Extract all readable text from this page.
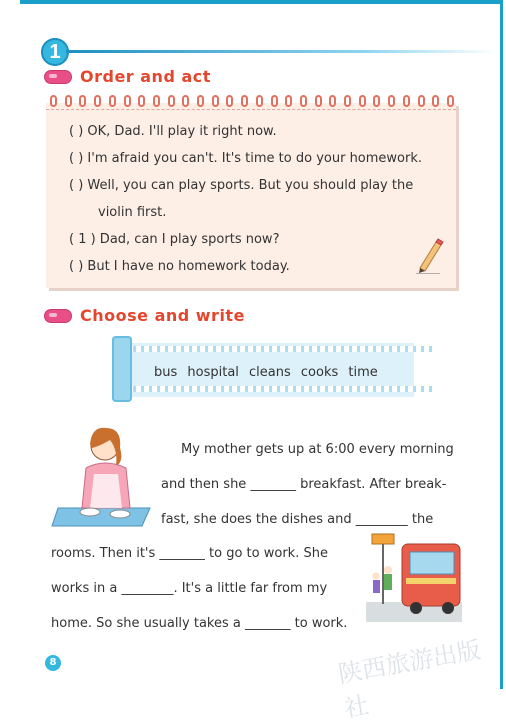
1
Order and act
( ) OK, Dad. I'll play it right now.
( ) I'm afraid you can't. It's time to do your homework.
( ) Well, you can play sports. But you should play the
violin first.
( 1 ) Dad, can I play sports now?
( ) But I have no homework today.
Choose and write
bus hospital cleans cooks time
My mother gets up at 6:00 every morning
and then she _______ breakfast. After break-
fast, she does the dishes and ________ the
rooms. Then it's _______ to go to work. She
works in a ________. It's a little far from my
home. So she usually takes a _______ to work.
8	陕西旅游出版社
